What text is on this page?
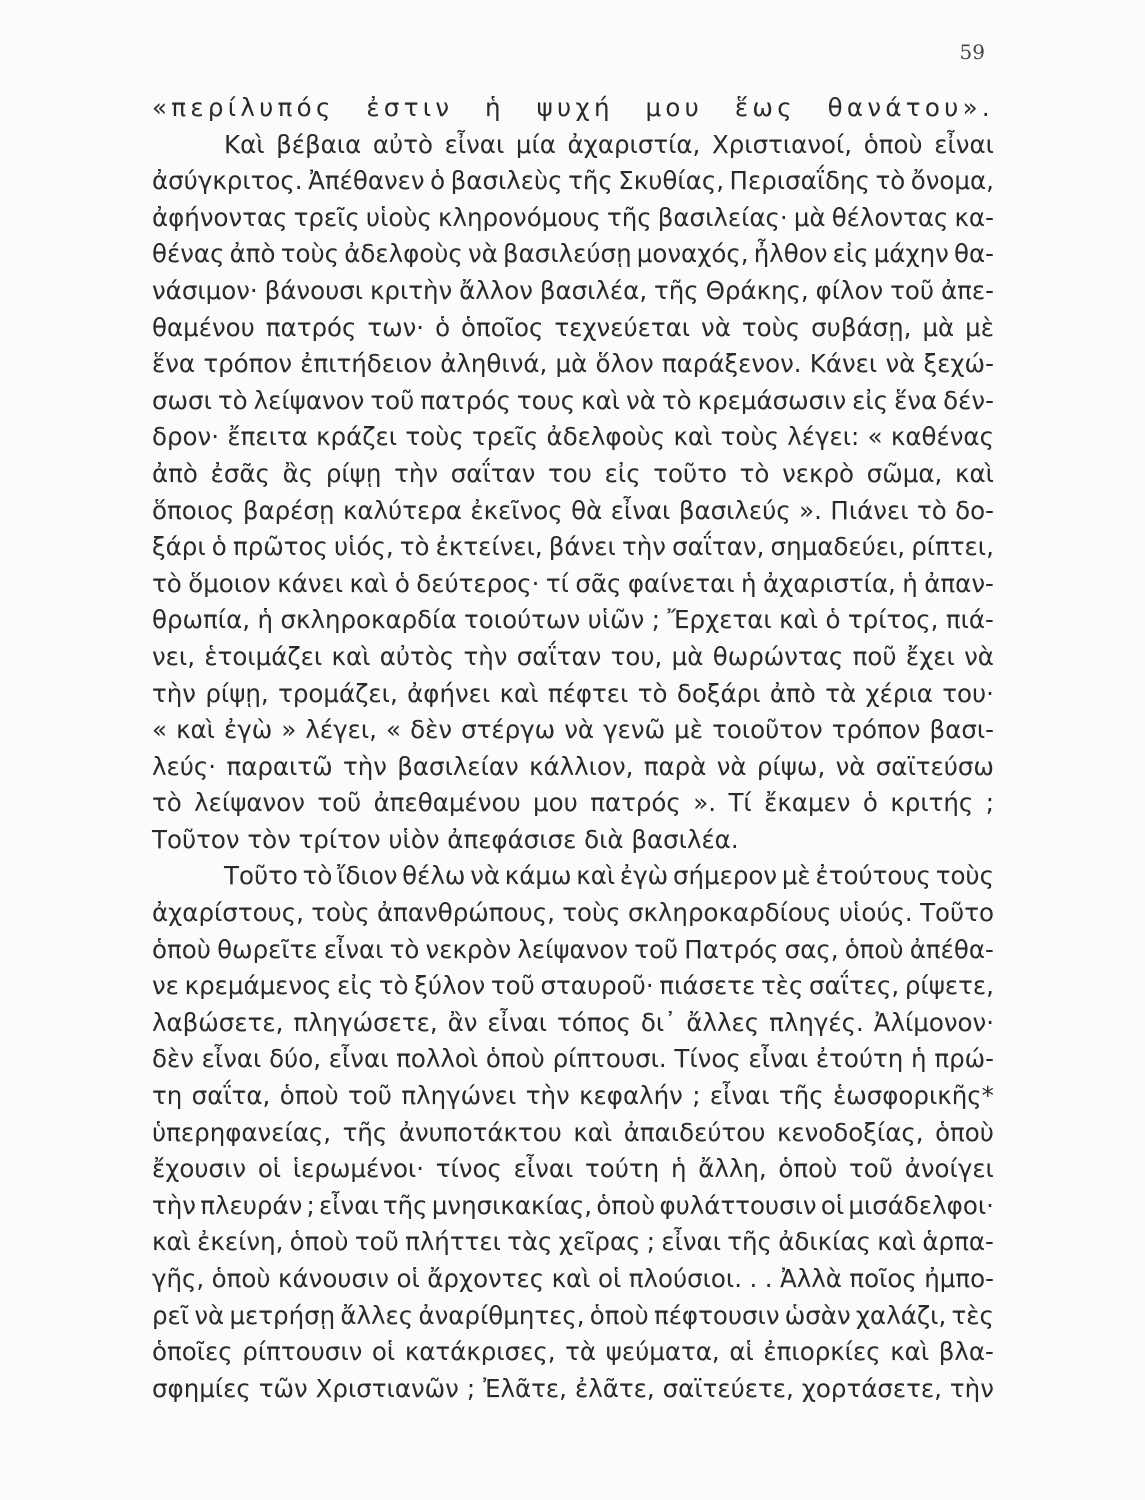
59
«περίλυπός ἐστιν ἡ ψυχή μου ἕως θανάτου».
Καὶ βέβαια αὐτὸ εἶναι μία ἀχαριστία, Χριστιανοί, ὁποὺ εἶναι
ἀσύγκριτος. Ἀπέθανεν ὁ βασιλεὺς τῆς Σκυθίας, Περισαΐδης τὸ ὄνομα,
ἀφήνοντας τρεῖς υἱοὺς κληρονόμους τῆς βασιλείας· μὰ θέλοντας κα-
θένας ἀπὸ τοὺς ἀδελφοὺς νὰ βασιλεύσῃ μοναχός, ἦλθον εἰς μάχην θα-
νάσιμον· βάνουσι κριτὴν ἄλλον βασιλέα, τῆς Θράκης, φίλον τοῦ ἀπε-
θαμένου πατρός των· ὁ ὁποῖος τεχνεύεται νὰ τοὺς συβάσῃ, μὰ μὲ
ἕνα τρόπον ἐπιτήδειον ἀληθινά, μὰ ὅλον παράξενον. Κάνει νὰ ξεχώ-
σωσι τὸ λείψανον τοῦ πατρός τους καὶ νὰ τὸ κρεμάσωσιν εἰς ἕνα δέν-
δρον· ἔπειτα κράζει τοὺς τρεῖς ἀδελφοὺς καὶ τοὺς λέγει: « καθένας
ἀπὸ ἐσᾶς ἂς ρίψῃ τὴν σαΐταν του εἰς τοῦτο τὸ νεκρὸ σῶμα, καὶ
ὅποιος βαρέσῃ καλύτερα ἐκεῖνος θὰ εἶναι βασιλεύς ». Πιάνει τὸ δο-
ξάρι ὁ πρῶτος υἱός, τὸ ἐκτείνει, βάνει τὴν σαΐταν, σημαδεύει, ρίπτει,
τὸ ὅμοιον κάνει καὶ ὁ δεύτερος· τί σᾶς φαίνεται ἡ ἀχαριστία, ἡ ἀπαν-
θρωπία, ἡ σκληροκαρδία τοιούτων υἱῶν ; Ἔρχεται καὶ ὁ τρίτος, πιά-
νει, ἑτοιμάζει καὶ αὐτὸς τὴν σαΐταν του, μὰ θωρώντας ποῦ ἔχει νὰ
τὴν ρίψῃ, τρομάζει, ἀφήνει καὶ πέφτει τὸ δοξάρι ἀπὸ τὰ χέρια του·
« καὶ ἐγὼ » λέγει, « δὲν στέργω νὰ γενῶ μὲ τοιοῦτον τρόπον βασι-
λεύς· παραιτῶ τὴν βασιλείαν κάλλιον, παρὰ νὰ ρίψω, νὰ σαϊτεύσω
τὸ λείψανον τοῦ ἀπεθαμένου μου πατρός ». Τί ἔκαμεν ὁ κριτής ;
Τοῦτον τὸν τρίτον υἱὸν ἀπεφάσισε διὰ βασιλέα.
Τοῦτο τὸ ἴδιον θέλω νὰ κάμω καὶ ἐγὼ σήμερον μὲ ἐτούτους τοὺς
ἀχαρίστους, τοὺς ἀπανθρώπους, τοὺς σκληροκαρδίους υἱούς. Τοῦτο
ὁποὺ θωρεῖτε εἶναι τὸ νεκρὸν λείψανον τοῦ Πατρός σας, ὁποὺ ἀπέθα-
νε κρεμάμενος εἰς τὸ ξύλον τοῦ σταυροῦ· πιάσετε τὲς σαΐτες, ρίψετε,
λαβώσετε, πληγώσετε, ἂν εἶναι τόπος δι᾿ ἄλλες πληγές. Ἀλίμονον·
δὲν εἶναι δύο, εἶναι πολλοὶ ὁποὺ ρίπτουσι. Τίνος εἶναι ἐτούτη ἡ πρώ-
τη σαΐτα, ὁποὺ τοῦ πληγώνει τὴν κεφαλήν ; εἶναι τῆς ἑωσφορικῆς*
ὑπερηφανείας, τῆς ἀνυποτάκτου καὶ ἀπαιδεύτου κενοδοξίας, ὁποὺ
ἔχουσιν οἱ ἱερωμένοι· τίνος εἶναι τούτη ἡ ἄλλη, ὁποὺ τοῦ ἀνοίγει
τὴν πλευράν ; εἶναι τῆς μνησικακίας, ὁποὺ φυλάττουσιν οἱ μισάδελφοι·
καὶ ἐκείνη, ὁποὺ τοῦ πλήττει τὰς χεῖρας ; εἶναι τῆς ἀδικίας καὶ ἁρπα-
γῆς, ὁποὺ κάνουσιν οἱ ἄρχοντες καὶ οἱ πλούσιοι. . . Ἀλλὰ ποῖος ἠμπο-
ρεῖ νὰ μετρήσῃ ἄλλες ἀναρίθμητες, ὁποὺ πέφτουσιν ὡσὰν χαλάζι, τὲς
ὁποῖες ρίπτουσιν οἱ κατάκρισες, τὰ ψεύματα, αἱ ἐπιορκίες καὶ βλα-
σφημίες τῶν Χριστιανῶν ; Ἐλᾶτε, ἐλᾶτε, σαϊτεύετε, χορτάσετε, τὴν
